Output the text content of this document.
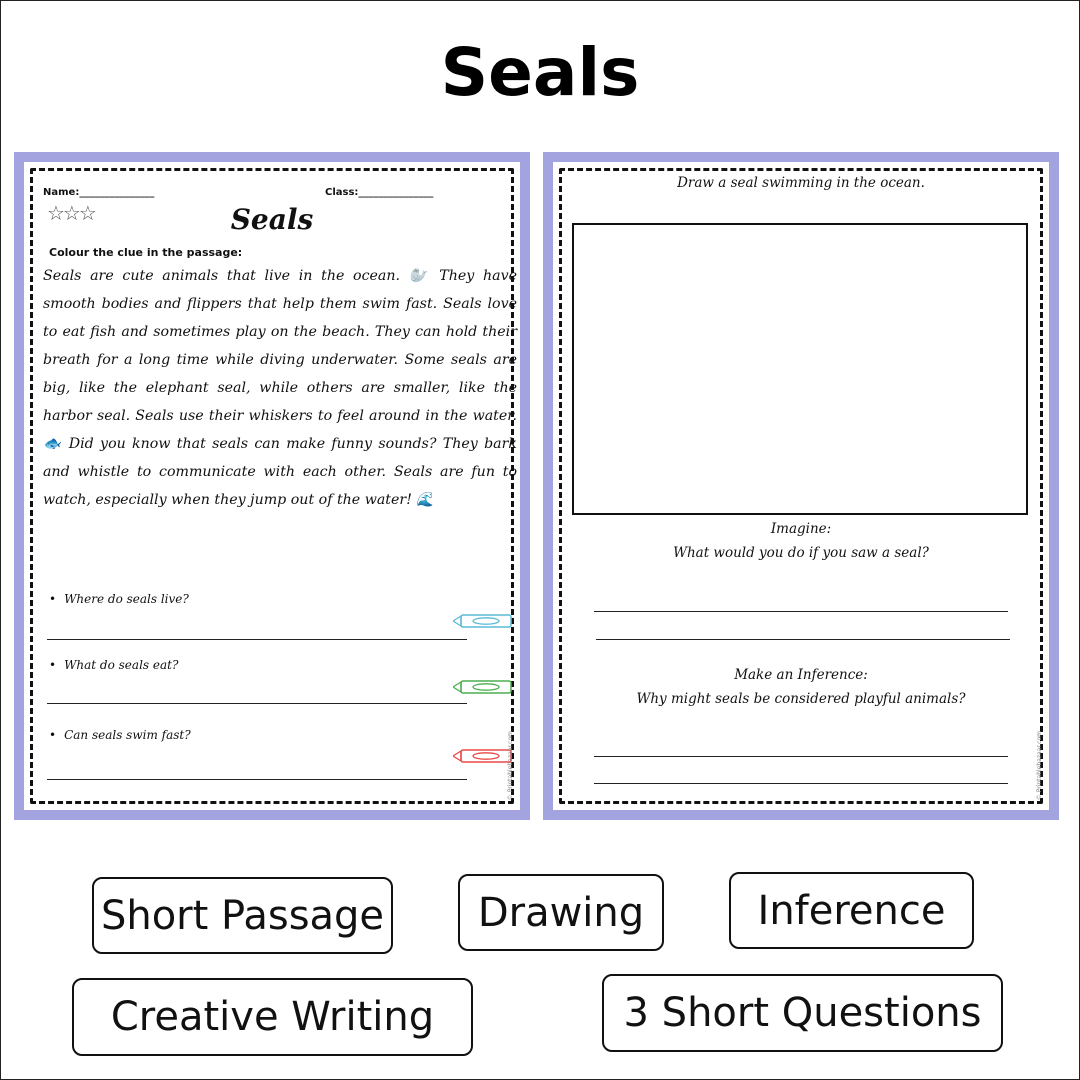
Seals
Name:_______________	Class:_______________
☆☆☆	Seals
Colour the clue in the passage:
Seals are cute animals that live in the ocean. 🦭 They have smooth bodies and flippers that help them swim fast. Seals love to eat fish and sometimes play on the beach. They can hold their breath for a long time while diving underwater. Some seals are big, like the elephant seal, while others are smaller, like the harbor seal. Seals use their whiskers to feel around in the water. 🐟 Did you know that seals can make funny sounds? They bark and whistle to communicate with each other. Seals are fun to watch, especially when they jump out of the water! 🌊
• Where do seals live?
• What do seals eat?
• Can seals swim fast?	© Printablebazaar.com
Draw a seal swimming in the ocean.
Imagine:
What would you do if you saw a seal?
Make an Inference:
Why might seals be considered playful animals?
© Printablebazaar.com
Short Passage	Drawing	Inference
Creative Writing	3 Short Questions
